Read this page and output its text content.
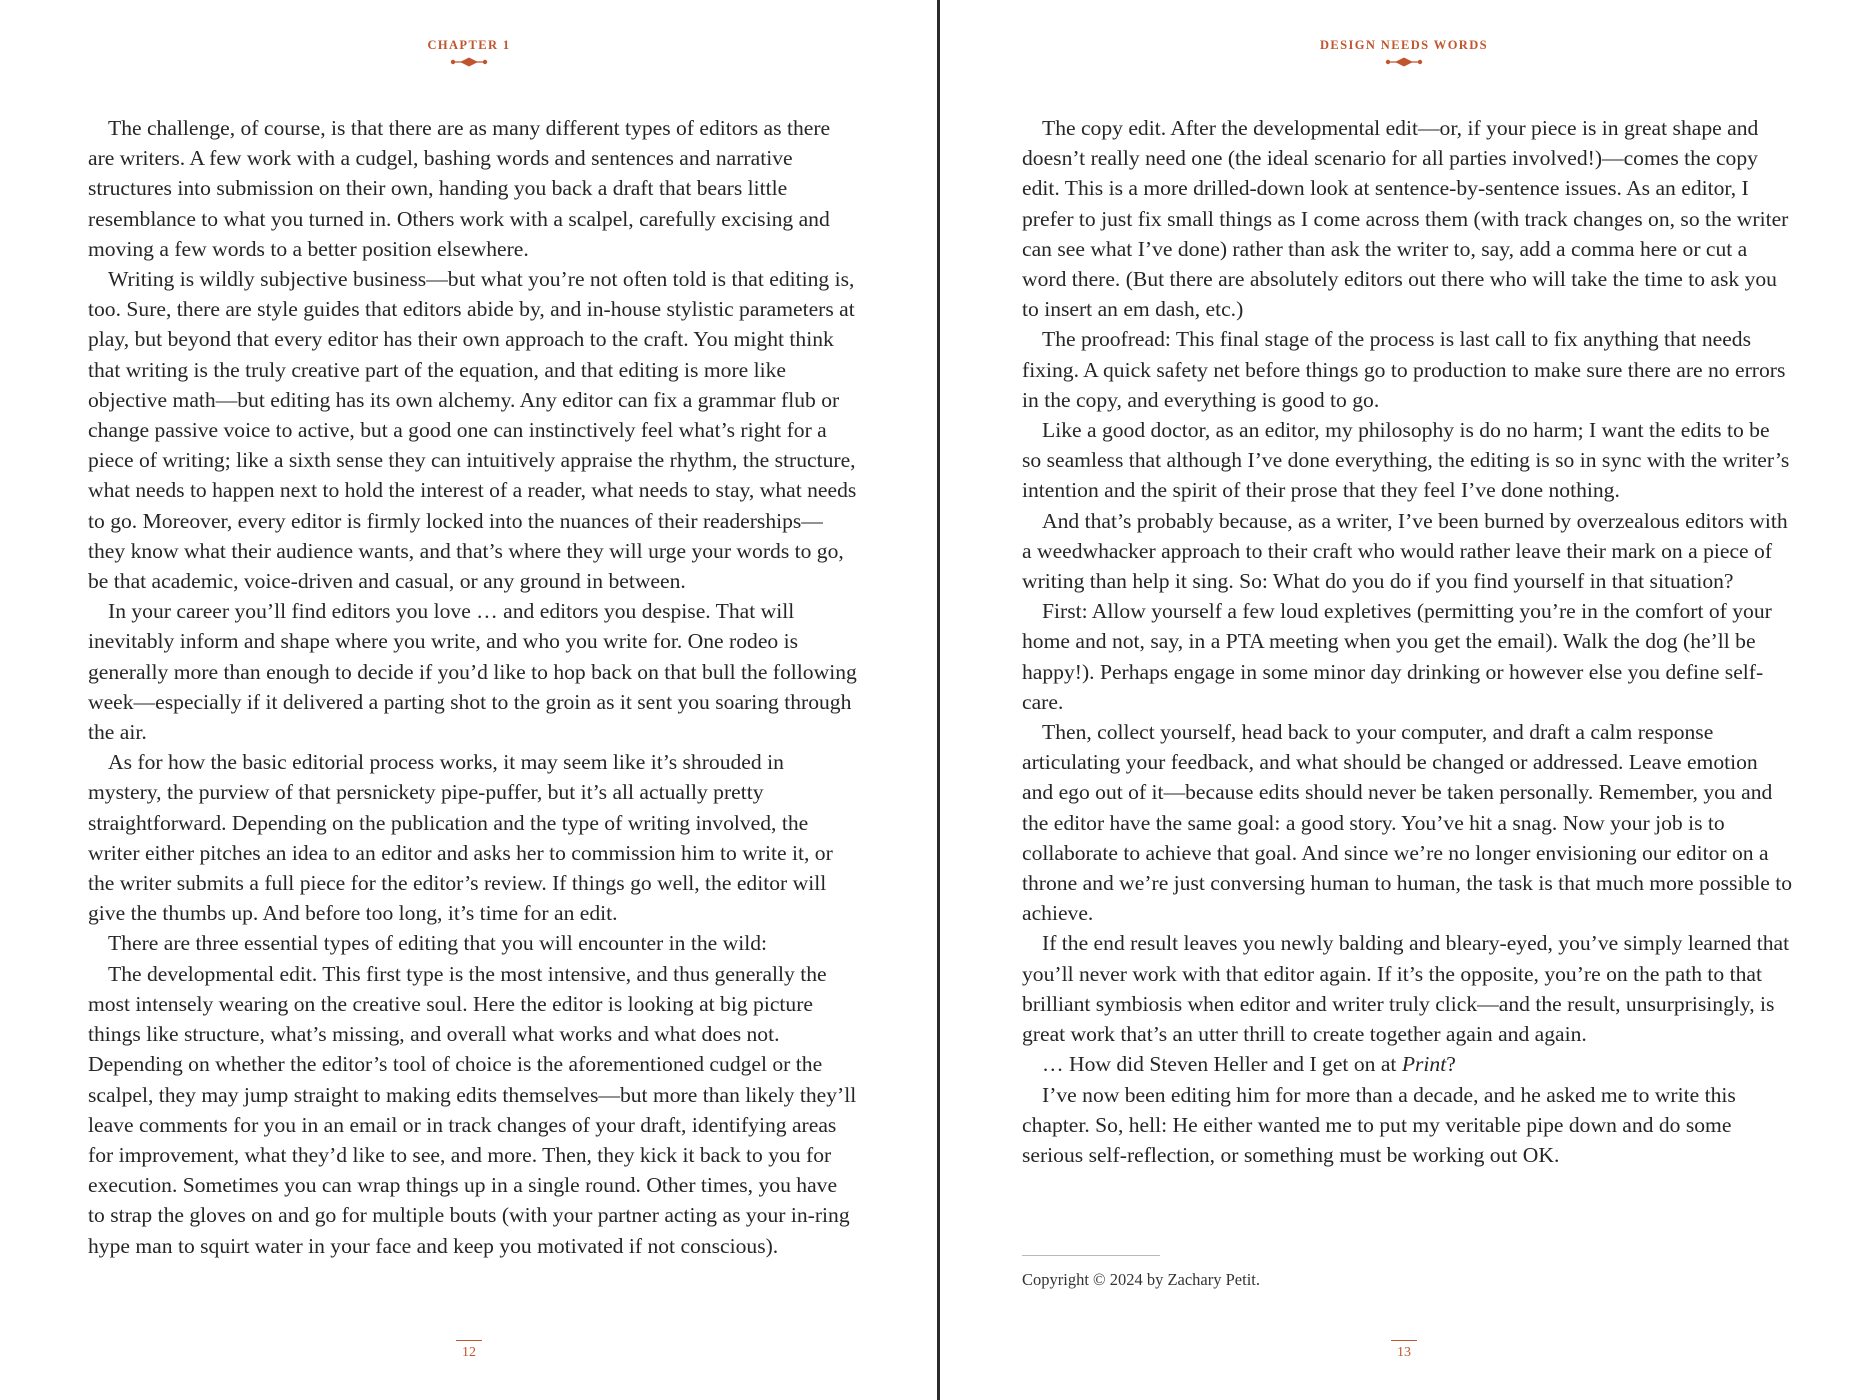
CHAPTER 1

The challenge, of course, is that there are as many different types of editors as there are writers. A few work with a cudgel, bashing words and sentences and narrative structures into submission on their own, handing you back a draft that bears little resemblance to what you turned in. Others work with a scalpel, carefully excising and moving a few words to a better position elsewhere.

Writing is wildly subjective business—but what you’re not often told is that editing is, too. Sure, there are style guides that editors abide by, and in-house stylistic parameters at play, but beyond that every editor has their own approach to the craft. You might think that writing is the truly creative part of the equation, and that editing is more like objective math—but editing has its own alchemy. Any editor can fix a grammar flub or change passive voice to active, but a good one can instinctively feel what’s right for a piece of writing; like a sixth sense they can intuitively appraise the rhythm, the structure, what needs to happen next to hold the interest of a reader, what needs to stay, what needs to go. Moreover, every editor is firmly locked into the nuances of their readerships—they know what their audience wants, and that’s where they will urge your words to go, be that academic, voice-driven and casual, or any ground in between.

In your career you’ll find editors you love … and editors you despise. That will inevitably inform and shape where you write, and who you write for. One rodeo is generally more than enough to decide if you’d like to hop back on that bull the following week—especially if it delivered a parting shot to the groin as it sent you soaring through the air.

As for how the basic editorial process works, it may seem like it’s shrouded in mystery, the purview of that persnickety pipe-puffer, but it’s all actually pretty straightforward. Depending on the publication and the type of writing involved, the writer either pitches an idea to an editor and asks her to commission him to write it, or the writer submits a full piece for the editor’s review. If things go well, the editor will give the thumbs up. And before too long, it’s time for an edit.

There are three essential types of editing that you will encounter in the wild:

The developmental edit. This first type is the most intensive, and thus generally the most intensely wearing on the creative soul. Here the editor is looking at big picture things like structure, what’s missing, and overall what works and what does not. Depending on whether the editor’s tool of choice is the aforementioned cudgel or the scalpel, they may jump straight to making edits themselves—but more than likely they’ll leave comments for you in an email or in track changes of your draft, identifying areas for improvement, what they’d like to see, and more. Then, they kick it back to you for execution. Sometimes you can wrap things up in a single round. Other times, you have to strap the gloves on and go for multiple bouts (with your partner acting as your in-ring hype man to squirt water in your face and keep you motivated if not conscious).

12
DESIGN NEEDS WORDS

The copy edit. After the developmental edit—or, if your piece is in great shape and doesn’t really need one (the ideal scenario for all parties involved!)—comes the copy edit. This is a more drilled-down look at sentence-by-sentence issues. As an editor, I prefer to just fix small things as I come across them (with track changes on, so the writer can see what I’ve done) rather than ask the writer to, say, add a comma here or cut a word there. (But there are absolutely editors out there who will take the time to ask you to insert an em dash, etc.)

The proofread: This final stage of the process is last call to fix anything that needs fixing. A quick safety net before things go to production to make sure there are no errors in the copy, and everything is good to go.

Like a good doctor, as an editor, my philosophy is do no harm; I want the edits to be so seamless that although I’ve done everything, the editing is so in sync with the writer’s intention and the spirit of their prose that they feel I’ve done nothing.

And that’s probably because, as a writer, I’ve been burned by overzealous editors with a weedwhacker approach to their craft who would rather leave their mark on a piece of writing than help it sing. So: What do you do if you find yourself in that situation?

First: Allow yourself a few loud expletives (permitting you’re in the comfort of your home and not, say, in a PTA meeting when you get the email). Walk the dog (he’ll be happy!). Perhaps engage in some minor day drinking or however else you define self-care.

Then, collect yourself, head back to your computer, and draft a calm response articulating your feedback, and what should be changed or addressed. Leave emotion and ego out of it—because edits should never be taken personally. Remember, you and the editor have the same goal: a good story. You’ve hit a snag. Now your job is to collaborate to achieve that goal. And since we’re no longer envisioning our editor on a throne and we’re just conversing human to human, the task is that much more possible to achieve.

If the end result leaves you newly balding and bleary-eyed, you’ve simply learned that you’ll never work with that editor again. If it’s the opposite, you’re on the path to that brilliant symbiosis when editor and writer truly click—and the result, unsurprisingly, is great work that’s an utter thrill to create together again and again.

… How did Steven Heller and I get on at Print?

I’ve now been editing him for more than a decade, and he asked me to write this chapter. So, hell: He either wanted me to put my veritable pipe down and do some serious self-reflection, or something must be working out OK.

Copyright © 2024 by Zachary Petit.
13
